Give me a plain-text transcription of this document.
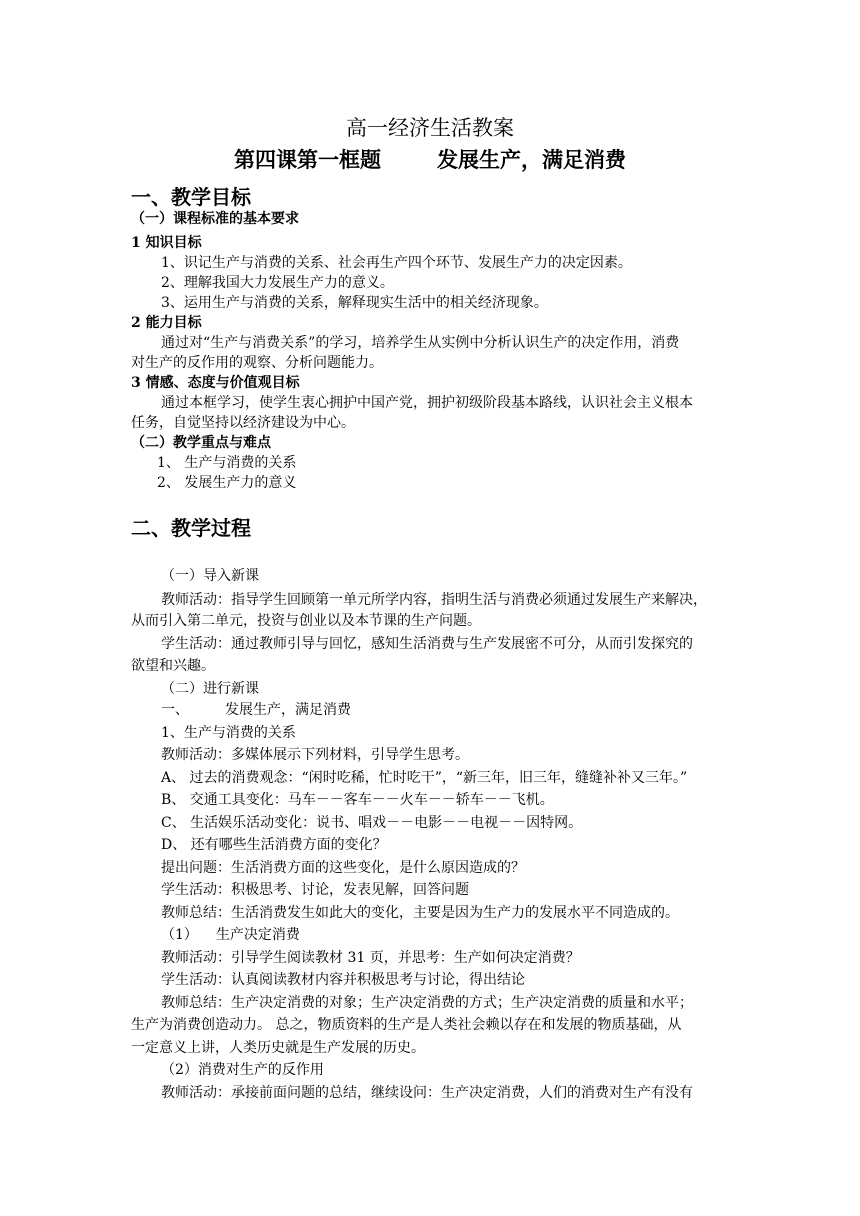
高一经济生活教案
第四课第一框题	发展生产，满足消费
一、教学目标
（一）课程标准的基本要求
1 知识目标
1、识记生产与消费的关系、社会再生产四个环节、发展生产力的决定因素。
2、理解我国大力发展生产力的意义。
3、运用生产与消费的关系，解释现实生活中的相关经济现象。
2 能力目标
通过对“生产与消费关系”的学习，培养学生从实例中分析认识生产的决定作用，消费
对生产的反作用的观察、分析问题能力。
3 情感、态度与价值观目标
通过本框学习，使学生衷心拥护中国产党，拥护初级阶段基本路线，认识社会主义根本
任务，自觉坚持以经济建设为中心。
（二）教学重点与难点
1、 生产与消费的关系
2、 发展生产力的意义
二、教学过程
（一）导入新课
教师活动：指导学生回顾第一单元所学内容，指明生活与消费必须通过发展生产来解决，
从而引入第二单元，投资与创业以及本节课的生产问题。
学生活动：通过教师引导与回忆，感知生活消费与生产发展密不可分，从而引发探究的
欲望和兴趣。
（二）进行新课
一、	发展生产，满足消费
1、生产与消费的关系
教师活动：多媒体展示下列材料，引导学生思考。
A、 过去的消费观念：“闲时吃稀，忙时吃干”，“新三年，旧三年，缝缝补补又三年。”
B、 交通工具变化：马车－－客车－－火车－－轿车－－飞机。
C、 生活娱乐活动变化：说书、唱戏－－电影－－电视－－因特网。
D、 还有哪些生活消费方面的变化？
提出问题：生活消费方面的这些变化，是什么原因造成的？
学生活动：积极思考、讨论，发表见解，回答问题
教师总结：生活消费发生如此大的变化，主要是因为生产力的发展水平不同造成的。
（1） 生产决定消费
教师活动：引导学生阅读教材 31 页，并思考：生产如何决定消费？
学生活动：认真阅读教材内容并积极思考与讨论，得出结论
教师总结：生产决定消费的对象；生产决定消费的方式；生产决定消费的质量和水平；
生产为消费创造动力。 总之，物质资料的生产是人类社会赖以存在和发展的物质基础，从
一定意义上讲，人类历史就是生产发展的历史。
（2）消费对生产的反作用
教师活动：承接前面问题的总结，继续设问：生产决定消费，人们的消费对生产有没有
